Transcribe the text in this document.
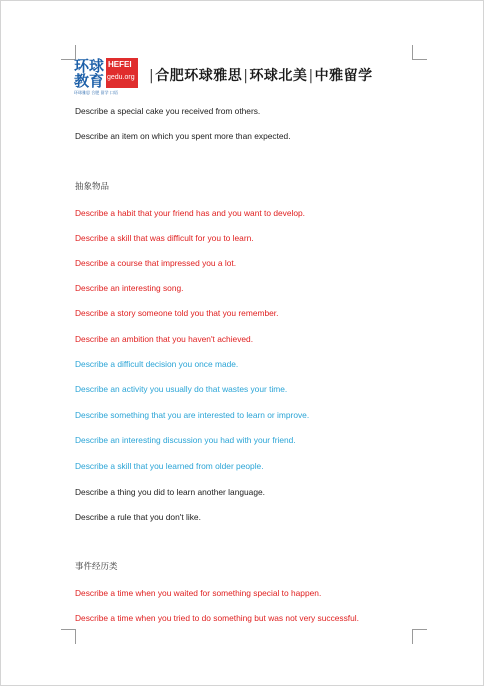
环球
教育
HEFEI
gedu.org
环球雅思 合肥 留学 口语
|合肥环球雅思|环球北美|中雅留学
Describe a special cake you received from others.
Describe an item on which you spent more than expected.
抽象物品
Describe a habit that your friend has and you want to develop.
Describe a skill that was difficult for you to learn.
Describe a course that impressed you a lot.
Describe an interesting song.
Describe a story someone told you that you remember.
Describe an ambition that you haven't achieved.
Describe a difficult decision you once made.
Describe an activity you usually do that wastes your time.
Describe something that you are interested to learn or improve.
Describe an interesting discussion you had with your friend.
Describe a skill that you learned from older people.
Describe a thing you did to learn another language.
Describe a rule that you don't like.
事件经历类
Describe a time when you waited for something special to happen.
Describe a time when you tried to do something but was not very successful.
